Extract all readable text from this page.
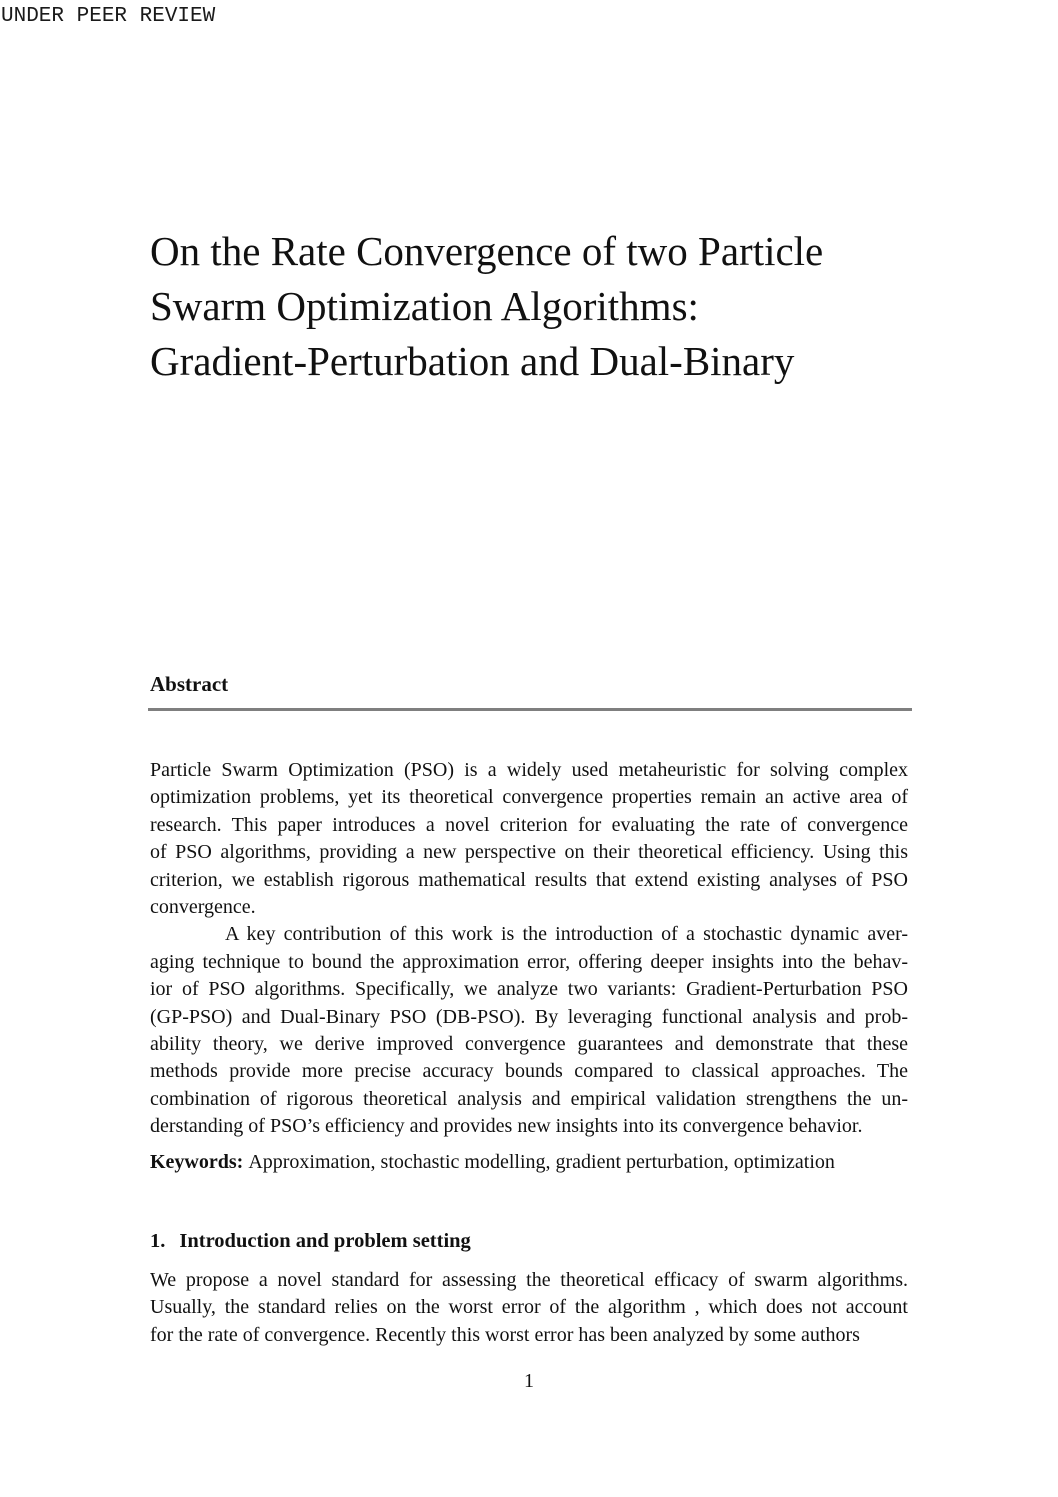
UNDER PEER REVIEW
On the Rate Convergence of two Particle
Swarm Optimization Algorithms:
Gradient-Perturbation and Dual-Binary
Abstract
Particle Swarm Optimization (PSO) is a widely used metaheuristic for solving complex
optimization problems, yet its theoretical convergence properties remain an active area of
research. This paper introduces a novel criterion for evaluating the rate of convergence
of PSO algorithms, providing a new perspective on their theoretical efficiency. Using this
criterion, we establish rigorous mathematical results that extend existing analyses of PSO
convergence.
A key contribution of this work is the introduction of a stochastic dynamic aver-
aging technique to bound the approximation error, offering deeper insights into the behav-
ior of PSO algorithms. Specifically, we analyze two variants: Gradient-Perturbation PSO
(GP-PSO) and Dual-Binary PSO (DB-PSO). By leveraging functional analysis and prob-
ability theory, we derive improved convergence guarantees and demonstrate that these
methods provide more precise accuracy bounds compared to classical approaches. The
combination of rigorous theoretical analysis and empirical validation strengthens the un-
derstanding of PSO’s efficiency and provides new insights into its convergence behavior.
Keywords: Approximation, stochastic modelling, gradient perturbation, optimization
1. Introduction and problem setting
We propose a novel standard for assessing the theoretical efficacy of swarm algorithms.
Usually, the standard relies on the worst error of the algorithm , which does not account
for the rate of convergence. Recently this worst error has been analyzed by some authors
1
